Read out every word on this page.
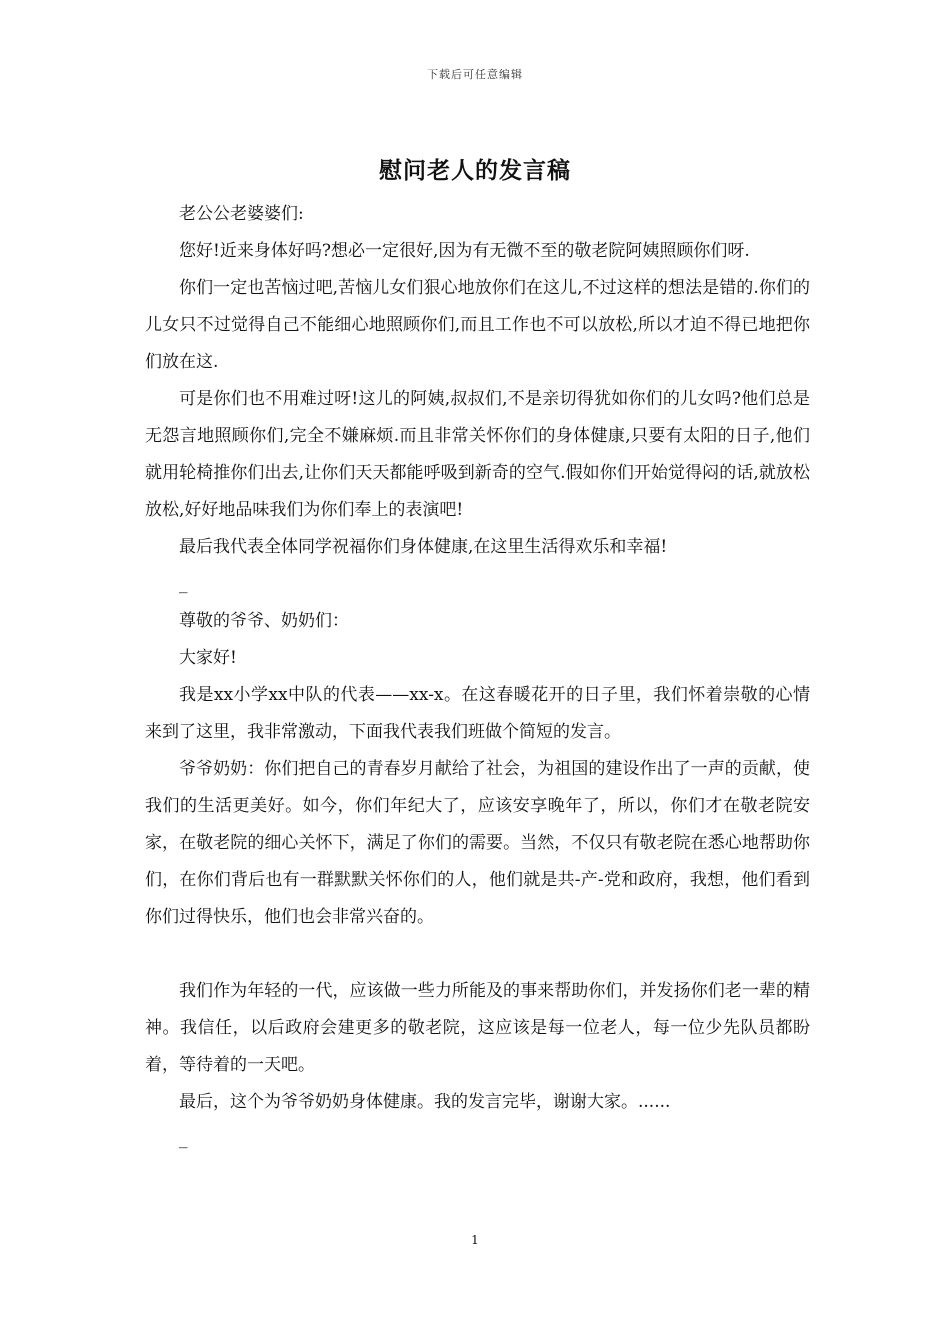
下载后可任意编辑
慰问老人的发言稿

老公公老婆婆们:

您好!近来身体好吗?想必一定很好,因为有无微不至的敬老院阿姨照顾你们呀.

你们一定也苦恼过吧,苦恼儿女们狠心地放你们在这儿,不过这样的想法是错的.你们的儿女只不过觉得自己不能细心地照顾你们,而且工作也不可以放松,所以才迫不得已地把你们放在这.

可是你们也不用难过呀!这儿的阿姨,叔叔们,不是亲切得犹如你们的儿女吗?他们总是无怨言地照顾你们,完全不嫌麻烦.而且非常关怀你们的身体健康,只要有太阳的日子,他们就用轮椅推你们出去,让你们天天都能呼吸到新奇的空气.假如你们开始觉得闷的话,就放松放松,好好地品味我们为你们奉上的表演吧!

最后我代表全体同学祝福你们身体健康,在这里生活得欢乐和幸福!

_

尊敬的爷爷、奶奶们：

大家好!

我是xx小学xx中队的代表——xx-x。在这春暖花开的日子里，我们怀着崇敬的心情来到了这里，我非常激动，下面我代表我们班做个简短的发言。

爷爷奶奶：你们把自己的青春岁月献给了社会，为祖国的建设作出了一声的贡献，使我们的生活更美好。如今，你们年纪大了，应该安享晚年了，所以，你们才在敬老院安家，在敬老院的细心关怀下，满足了你们的需要。当然，不仅只有敬老院在悉心地帮助你们，在你们背后也有一群默默关怀你们的人，他们就是共-产-党和政府，我想，他们看到你们过得快乐，他们也会非常兴奋的。

我们作为年轻的一代，应该做一些力所能及的事来帮助你们，并发扬你们老一辈的精神。我信任，以后政府会建更多的敬老院，这应该是每一位老人，每一位少先队员都盼着，等待着的一天吧。

最后，这个为爷爷奶奶身体健康。我的发言完毕，谢谢大家。......

_

1
